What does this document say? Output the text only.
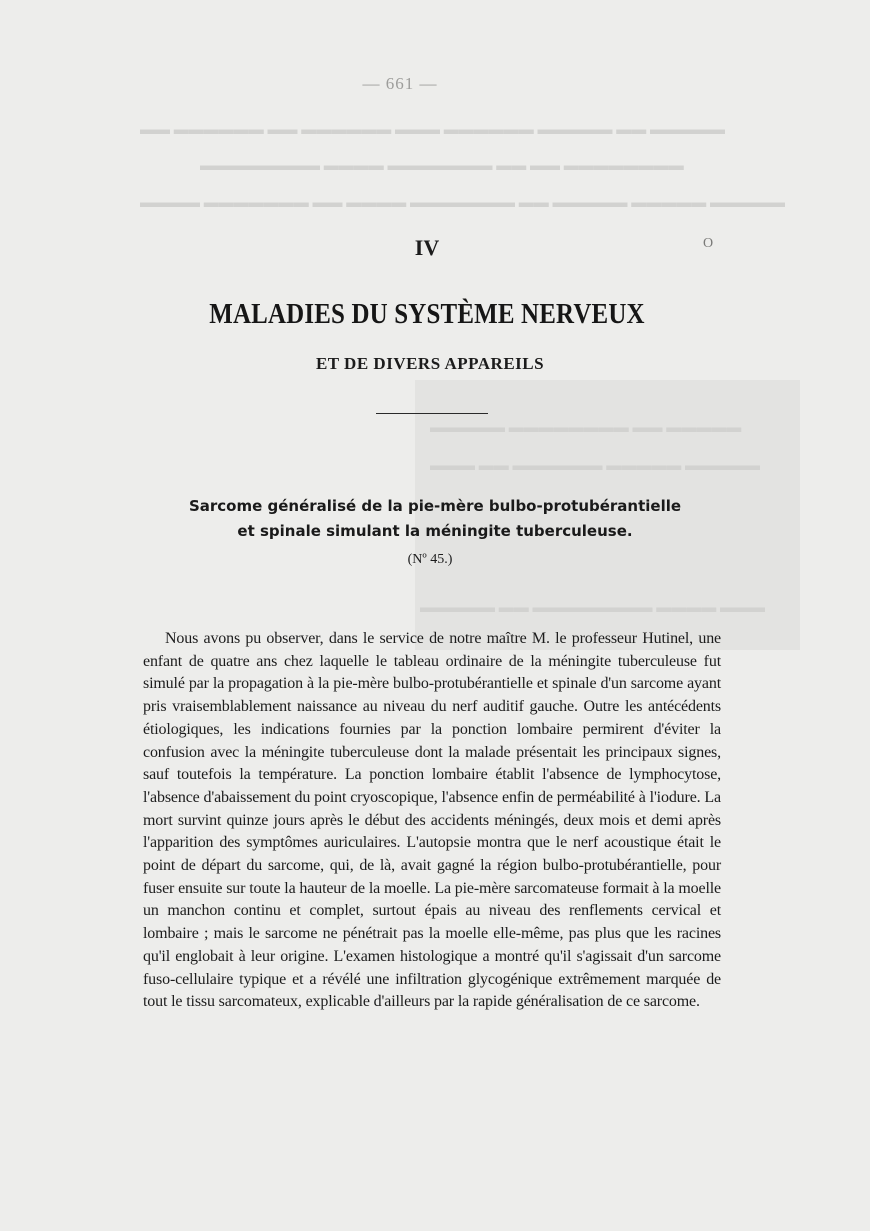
▬▬ ▬▬▬▬▬▬ ▬▬ ▬▬▬▬▬▬ ▬▬▬ ▬▬▬▬▬▬ ▬▬▬▬▬ ▬▬ ▬▬▬▬▬
▬▬▬▬▬▬▬▬ ▬▬▬▬ ▬▬▬▬▬▬▬ ▬▬ ▬▬ ▬▬▬▬▬▬▬▬
▬▬▬▬ ▬▬▬▬▬▬▬ ▬▬ ▬▬▬▬ ▬▬▬▬▬▬▬ ▬▬ ▬▬▬▬▬ ▬▬▬▬▬ ▬▬▬▬▬
▬▬▬▬▬ ▬▬▬▬▬▬▬▬ ▬▬ ▬▬▬▬▬
▬▬▬ ▬▬ ▬▬▬▬▬▬ ▬▬▬▬▬ ▬▬▬▬▬
▬▬▬▬▬ ▬▬ ▬▬▬▬▬▬▬▬ ▬▬▬▬ ▬▬▬
— 661 —
O
IV
MALADIES DU SYSTÈME NERVEUX
ET DE DIVERS APPAREILS
Sarcome généralisé de la pie-mère bulbo-protubérantielle
et spinale simulant la méningite tuberculeuse.
(Nº 45.)

Nous avons pu observer, dans le service de notre maître M. le professeur Hutinel, une enfant de quatre ans chez laquelle le tableau ordinaire de la méningite tuberculeuse fut simulé par la propagation à la pie-mère bulbo-protubérantielle et spinale d'un sarcome ayant pris vraisemblablement naissance au niveau du nerf auditif gauche. Outre les antécédents étiologiques, les indications fournies par la ponction lombaire permirent d'éviter la confusion avec la méningite tuberculeuse dont la malade présentait les principaux signes, sauf toutefois la température. La ponction lombaire établit l'absence de lymphocytose, l'absence d'abaissement du point cryoscopique, l'absence enfin de perméabilité à l'iodure. La mort survint quinze jours après le début des accidents méningés, deux mois et demi après l'apparition des symptômes auriculaires. L'autopsie montra que le nerf acoustique était le point de départ du sarcome, qui, de là, avait gagné la région bulbo-protubérantielle, pour fuser ensuite sur toute la hauteur de la moelle. La pie-mère sarcomateuse formait à la moelle un manchon continu et complet, surtout épais au niveau des renflements cervical et lombaire ; mais le sarcome ne pénétrait pas la moelle elle-même, pas plus que les racines qu'il englobait à leur origine. L'examen histologique a montré qu'il s'agissait d'un sarcome fuso-cellulaire typique et a révélé une infiltration glycogénique extrêmement marquée de tout le tissu sarcomateux, explicable d'ailleurs par la rapide généralisation de ce sarcome.
